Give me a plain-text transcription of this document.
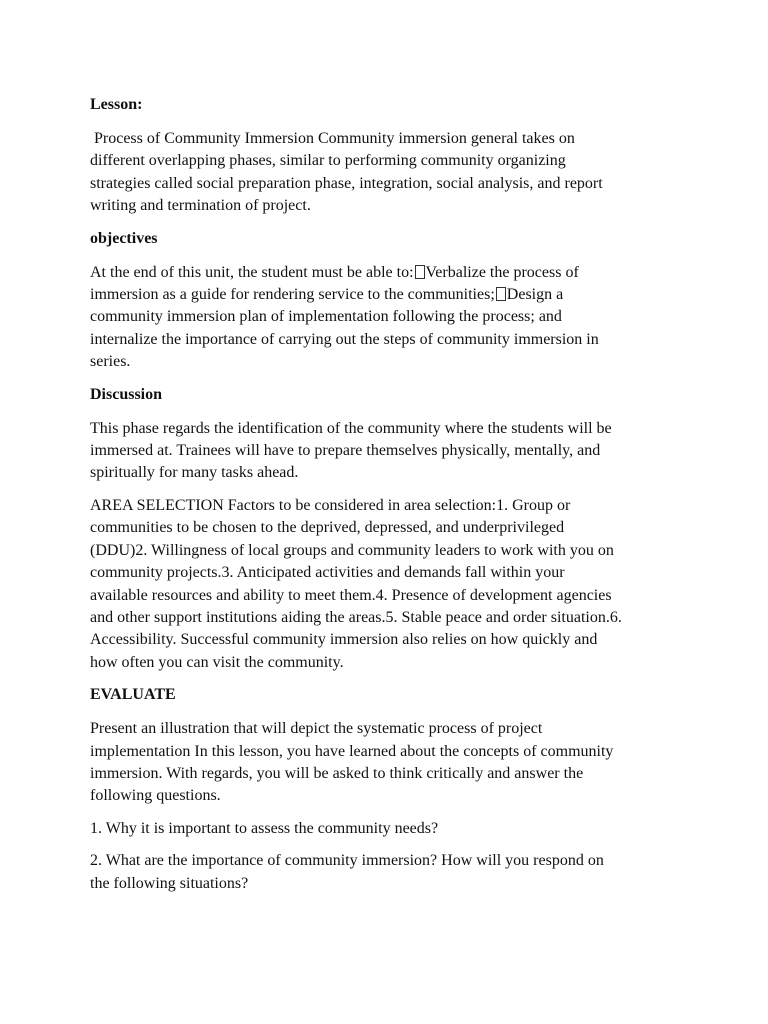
Lesson:
Process of Community Immersion Community immersion general takes on
different overlapping phases, similar to performing community organizing
strategies called social preparation phase, integration, social analysis, and report
writing and termination of project.
objectives
At the end of this unit, the student must be able to: Verbalize the process of
immersion as a guide for rendering service to the communities; Design a
community immersion plan of implementation following the process; and
internalize the importance of carrying out the steps of community immersion in
series.
Discussion
This phase regards the identification of the community where the students will be
immersed at. Trainees will have to prepare themselves physically, mentally, and
spiritually for many tasks ahead.
AREA SELECTION Factors to be considered in area selection:1. Group or
communities to be chosen to the deprived, depressed, and underprivileged
(DDU)2. Willingness of local groups and community leaders to work with you on
community projects.3. Anticipated activities and demands fall within your
available resources and ability to meet them.4. Presence of development agencies
and other support institutions aiding the areas.5. Stable peace and order situation.6.
Accessibility. Successful community immersion also relies on how quickly and
how often you can visit the community.
EVALUATE
Present an illustration that will depict the systematic process of project
implementation In this lesson, you have learned about the concepts of community
immersion. With regards, you will be asked to think critically and answer the
following questions.
1. Why it is important to assess the community needs?
2. What are the importance of community immersion? How will you respond on
the following situations?
